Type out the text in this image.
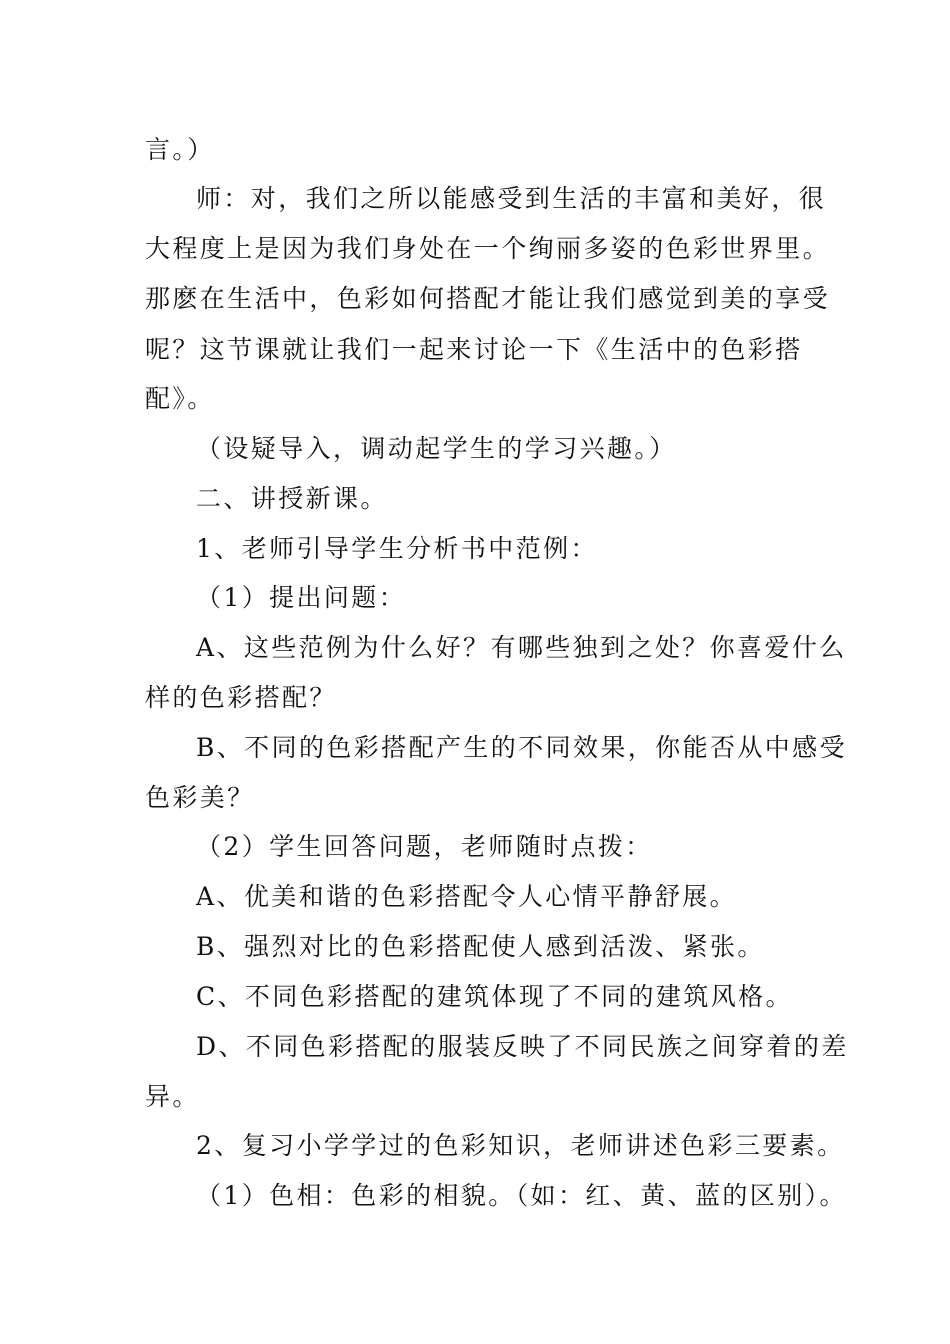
言。）
师：对，我们之所以能感受到生活的丰富和美好，很
大程度上是因为我们身处在一个绚丽多姿的色彩世界里。
那麽在生活中，色彩如何搭配才能让我们感觉到美的享受
呢？这节课就让我们一起来讨论一下《生活中的色彩搭
配》。
（设疑导入，调动起学生的学习兴趣。）
二、讲授新课。
1、老师引导学生分析书中范例：
（1）提出问题：
A、这些范例为什么好？有哪些独到之处？你喜爱什么
样的色彩搭配？
B、不同的色彩搭配产生的不同效果，你能否从中感受
色彩美？
（2）学生回答问题，老师随时点拨：
A、优美和谐的色彩搭配令人心情平静舒展。
B、强烈对比的色彩搭配使人感到活泼、紧张。
C、不同色彩搭配的建筑体现了不同的建筑风格。
D、不同色彩搭配的服装反映了不同民族之间穿着的差
异。
2、复习小学学过的色彩知识，老师讲述色彩三要素。
（1）色相：色彩的相貌。（如：红、黄、蓝的区别）。
